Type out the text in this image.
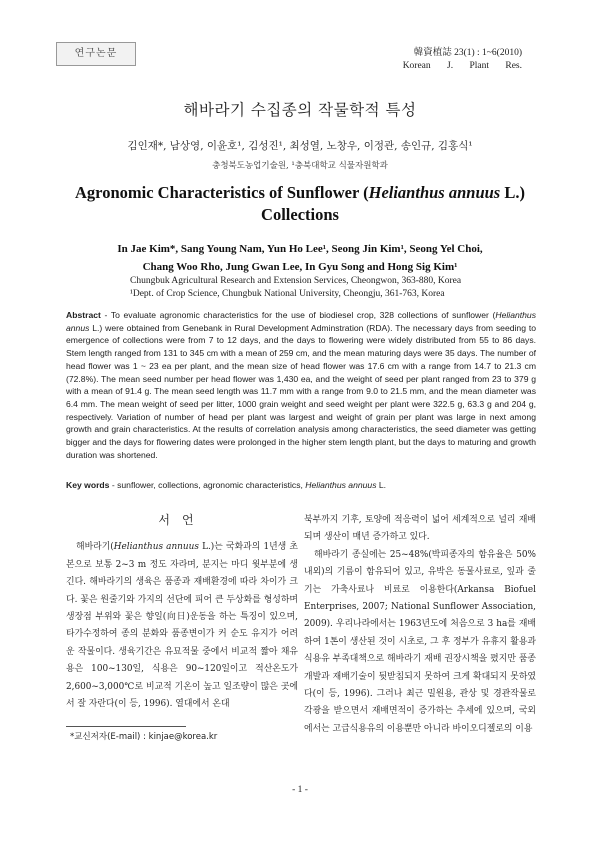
연구논문	韓資植誌 23(1) : 1~6(2010)
Korean J. Plant Res.
해바라기 수집종의 작물학적 특성
김인재*, 남상영, 이윤호¹, 김성진¹, 최성열, 노창우, 이정관, 송인규, 김홍식¹
충청북도농업기술원, ¹충북대학교 식물자원학과
Agronomic Characteristics of Sunflower (Helianthus annuus L.) Collections
In Jae Kim*, Sang Young Nam, Yun Ho Lee¹, Seong Jin Kim¹, Seong Yel Choi,
Chang Woo Rho, Jung Gwan Lee, In Gyu Song and Hong Sig Kim¹
Chungbuk Agricultural Research and Extension Services, Cheongwon, 363-880, Korea
¹Dept. of Crop Science, Chungbuk National University, Cheongju, 361-763, Korea
Abstract - To evaluate agronomic characteristics for the use of biodiesel crop, 328 collections of sunflower (Helianthus annus L.) were obtained from Genebank in Rural Development Adminstration (RDA). The necessary days from seeding to emergence of collections were from 7 to 12 days, and the days to flowering were widely distributed from 55 to 86 days. Stem length ranged from 131 to 345 cm with a mean of 259 cm, and the mean maturing days were 35 days. The number of head flower was 1 ~ 23 ea per plant, and the mean size of head flower was 17.6 cm with a range from 14.7 to 21.3 cm (72.8%). The mean seed number per head flower was 1,430 ea, and the weight of seed per plant ranged from 23 to 379 g with a mean of 91.4 g. The mean seed length was 11.7 mm with a range from 9.0 to 21.5 mm, and the mean diameter was 6.4 mm. The mean weight of seed per litter, 1000 grain weight and seed weight per plant were 322.5 g, 63.3 g and 204 g, respectively. Variation of number of head per plant was largest and weight of grain per plant was large in next among growth and grain characteristics. At the results of correlation analysis among characteristics, the seed diameter was getting bigger and the days for flowering dates were prolonged in the higher stem length plant, but the days to maturing and growth duration was shortened.
Key words - sunflower, collections, agronomic characteristics, Helianthus annuus L.
서언

해바라기(Helianthus annuus L.)는 국화과의 1년생 초본으로 보통 2~3 m 정도 자라며, 분지는 마디 윗부분에 생긴다. 해바라기의 생육은 품종과 재배환경에 따라 차이가 크다. 꽃은 원줄기와 가지의 선단에 피어 큰 두상화를 형성하며 생장점 부위와 꽃은 향일(向日)운동을 하는 특징이 있으며, 타가수정하여 종의 분화와 품종변이가 커 순도 유지가 어려운 작물이다. 생육기간은 유묘적물 중에서 비교적 짧아 채유용은 100~130일, 식용은 90~120일이고 적산온도가 2,600~3,000℃로 비교적 기온이 높고 일조량이 많은 곳에서 잘 자란다(이 등, 1996). 열대에서 온대

북부까지 기후, 토양에 적응력이 넓어 세계적으로 널리 재배되며 생산이 매년 증가하고 있다.

해바라기 종실에는 25~48%(박피종자의 함유율은 50% 내외)의 기름이 함유되어 있고, 유박은 동물사료로, 잎과 줄기는 가축사료나 비료로 이용한다(Arkansa Biofuel Enterprises, 2007; National Sunflower Association, 2009). 우리나라에서는 1963년도에 처음으로 3 ha를 재배하여 1톤이 생산된 것이 시초로, 그 후 정부가 유휴지 활용과 식용유 부족대책으로 해바라기 재배 권장시책을 폈지만 품종개발과 재배기술이 뒷받침되지 못하여 크게 확대되지 못하였다(이 등, 1996). 그러나 최근 밀원용, 관상 및 경관작물로 각광을 받으면서 재배면적이 증가하는 추세에 있으며, 국외에서는 고급식용유의 이용뿐만 아니라 바이오디젤로의 이용

*교신저자(E-mail) : kinjae@korea.kr
- 1 -
